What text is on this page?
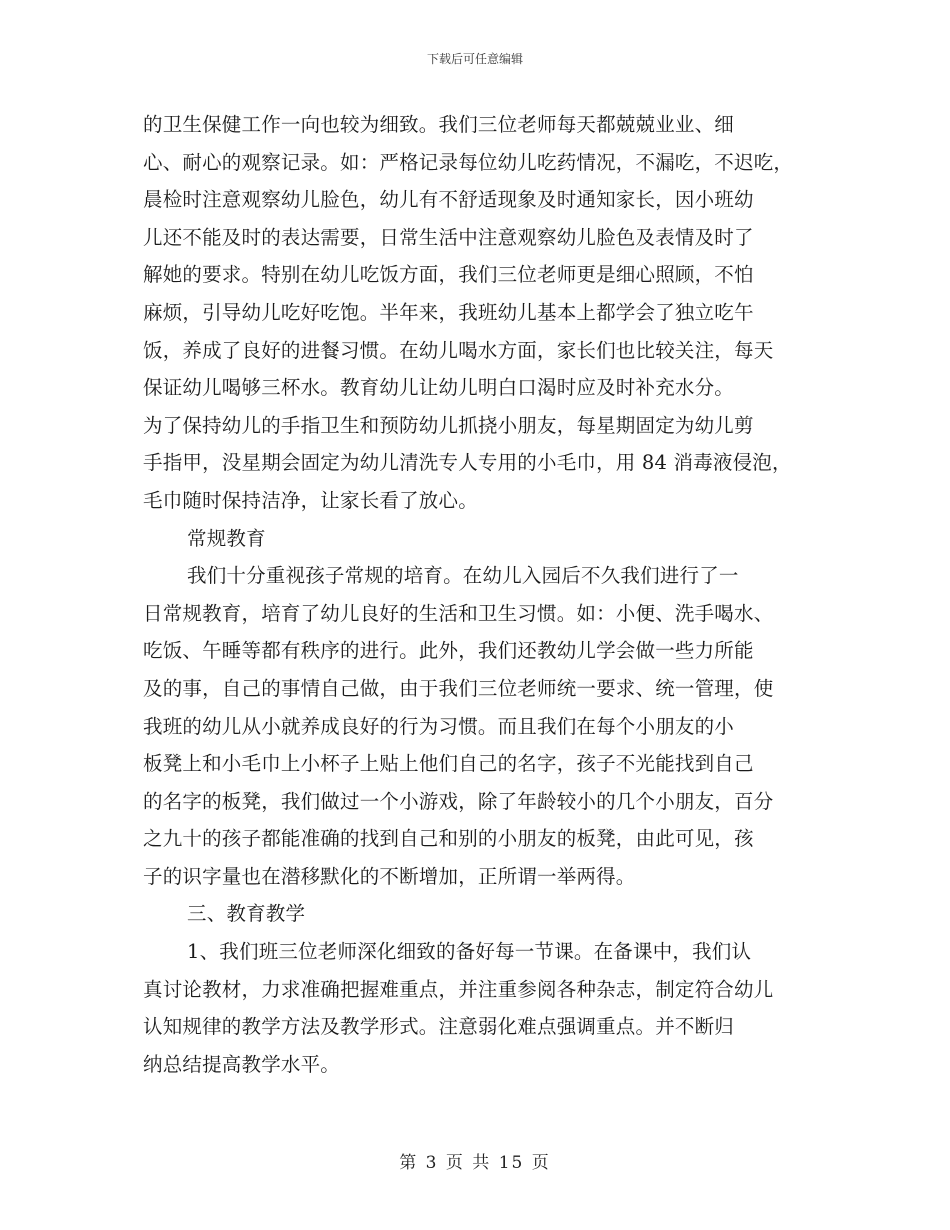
下载后可任意编辑
的卫生保健工作一向也较为细致。我们三位老师每天都兢兢业业、细
心、耐心的观察记录。如：严格记录每位幼儿吃药情况，不漏吃，不迟吃，
晨检时注意观察幼儿脸色，幼儿有不舒适现象及时通知家长，因小班幼
儿还不能及时的表达需要，日常生活中注意观察幼儿脸色及表情及时了
解她的要求。特别在幼儿吃饭方面，我们三位老师更是细心照顾，不怕
麻烦，引导幼儿吃好吃饱。半年来，我班幼儿基本上都学会了独立吃午
饭，养成了良好的进餐习惯。在幼儿喝水方面，家长们也比较关注，每天
保证幼儿喝够三杯水。教育幼儿让幼儿明白口渴时应及时补充水分。
为了保持幼儿的手指卫生和预防幼儿抓挠小朋友，每星期固定为幼儿剪
手指甲，没星期会固定为幼儿清洗专人专用的小毛巾，用 84 消毒液侵泡，
毛巾随时保持洁净，让家长看了放心。
常规教育
我们十分重视孩子常规的培育。在幼儿入园后不久我们进行了一
日常规教育，培育了幼儿良好的生活和卫生习惯。如：小便、洗手喝水、
吃饭、午睡等都有秩序的进行。此外，我们还教幼儿学会做一些力所能
及的事，自己的事情自己做，由于我们三位老师统一要求、统一管理，使
我班的幼儿从小就养成良好的行为习惯。而且我们在每个小朋友的小
板凳上和小毛巾上小杯子上贴上他们自己的名字，孩子不光能找到自己
的名字的板凳，我们做过一个小游戏，除了年龄较小的几个小朋友，百分
之九十的孩子都能准确的找到自己和别的小朋友的板凳，由此可见，孩
子的识字量也在潜移默化的不断增加，正所谓一举两得。
三、教育教学
1、我们班三位老师深化细致的备好每一节课。在备课中，我们认
真讨论教材，力求准确把握难重点，并注重参阅各种杂志，制定符合幼儿
认知规律的教学方法及教学形式。注意弱化难点强调重点。并不断归
纳总结提高教学水平。
第 3 页 共 15 页
